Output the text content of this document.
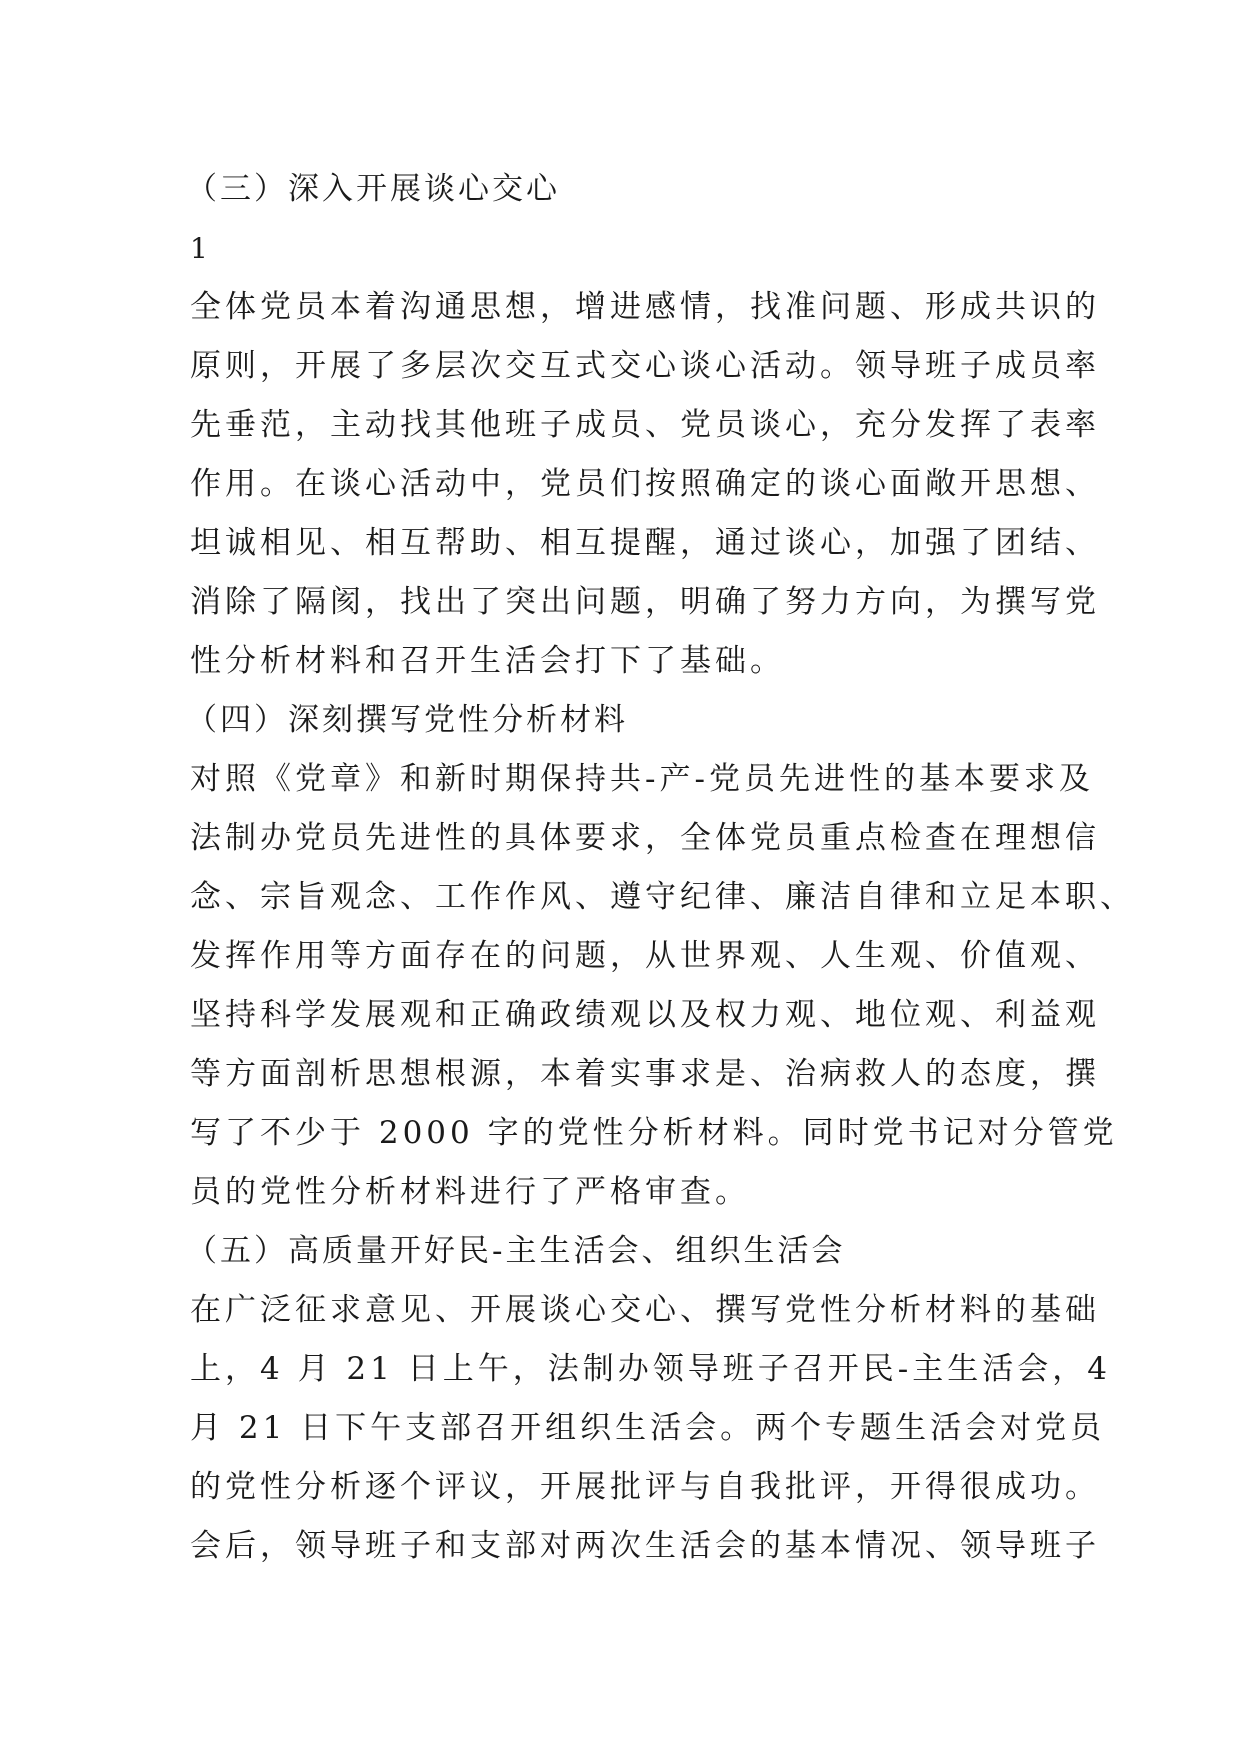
（三）深入开展谈心交心
1
全体党员本着沟通思想，增进感情，找准问题、形成共识的
原则，开展了多层次交互式交心谈心活动。领导班子成员率
先垂范，主动找其他班子成员、党员谈心，充分发挥了表率
作用。在谈心活动中，党员们按照确定的谈心面敞开思想、
坦诚相见、相互帮助、相互提醒，通过谈心，加强了团结、
消除了隔阂，找出了突出问题，明确了努力方向，为撰写党
性分析材料和召开生活会打下了基础。
（四）深刻撰写党性分析材料
对照《党章》和新时期保持共-产-党员先进性的基本要求及
法制办党员先进性的具体要求，全体党员重点检查在理想信
念、宗旨观念、工作作风、遵守纪律、廉洁自律和立足本职、
发挥作用等方面存在的问题，从世界观、人生观、价值观、
坚持科学发展观和正确政绩观以及权力观、地位观、利益观
等方面剖析思想根源，本着实事求是、治病救人的态度，撰
写了不少于 2000 字的党性分析材料。同时党书记对分管党
员的党性分析材料进行了严格审查。
（五）高质量开好民-主生活会、组织生活会
在广泛征求意见、开展谈心交心、撰写党性分析材料的基础
上，4 月 21 日上午，法制办领导班子召开民-主生活会，4
月 21 日下午支部召开组织生活会。两个专题生活会对党员
的党性分析逐个评议，开展批评与自我批评，开得很成功。
会后，领导班子和支部对两次生活会的基本情况、领导班子
